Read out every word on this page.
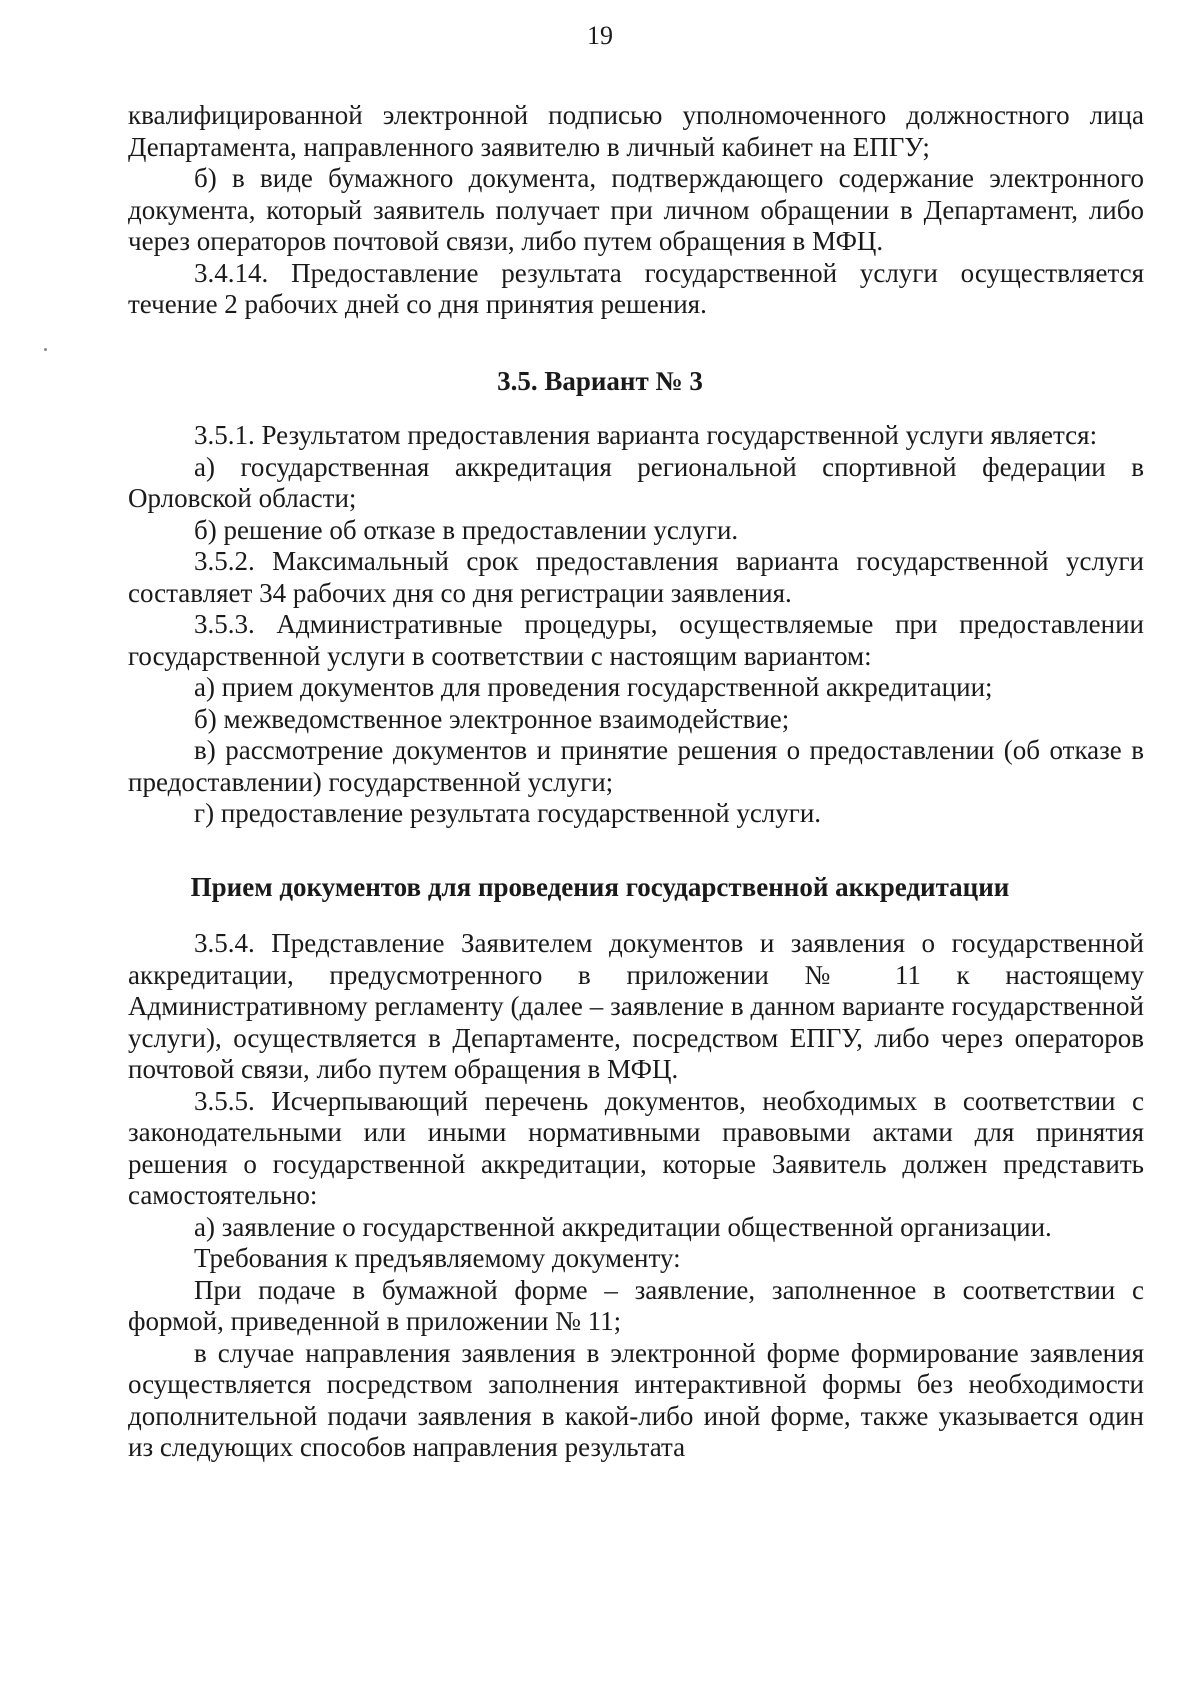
19

квалифицированной электронной подписью уполномоченного должностного лица Департамента, направленного заявителю в личный кабинет на ЕПГУ;

б) в виде бумажного документа, подтверждающего содержание электронного документа, который заявитель получает при личном обращении в Департамент, либо через операторов почтовой связи, либо путем обращения в МФЦ.

3.4.14. Предоставление результата государственной услуги осуществляется течение 2 рабочих дней со дня принятия решения.

3.5. Вариант № 3

3.5.1. Результатом предоставления варианта государственной услуги является:

а) государственная аккредитация региональной спортивной федерации в Орловской области;

б) решение об отказе в предоставлении услуги.

3.5.2. Максимальный срок предоставления варианта государственной услуги составляет 34 рабочих дня со дня регистрации заявления.

3.5.3. Административные процедуры, осуществляемые при предоставлении государственной услуги в соответствии с настоящим вариантом:

а) прием документов для проведения государственной аккредитации;

б) межведомственное электронное взаимодействие;

в) рассмотрение документов и принятие решения о предоставлении (об отказе в предоставлении) государственной услуги;

г) предоставление результата государственной услуги.

Прием документов для проведения государственной аккредитации

3.5.4. Представление Заявителем документов и заявления о государственной аккредитации, предусмотренного в приложении № 11 к настоящему Административному регламенту (далее – заявление в данном варианте государственной услуги), осуществляется в Департаменте, посредством ЕПГУ, либо через операторов почтовой связи, либо путем обращения в МФЦ.

3.5.5. Исчерпывающий перечень документов, необходимых в соответствии с законодательными или иными нормативными правовыми актами для принятия решения о государственной аккредитации, которые Заявитель должен представить самостоятельно:

а) заявление о государственной аккредитации общественной организации.

Требования к предъявляемому документу:

При подаче в бумажной форме – заявление, заполненное в соответствии с формой, приведенной в приложении № 11;

в случае направления заявления в электронной форме формирование заявления осуществляется посредством заполнения интерактивной формы без необходимости дополнительной подачи заявления в какой-либо иной форме, также указывается один из следующих способов направления результата
